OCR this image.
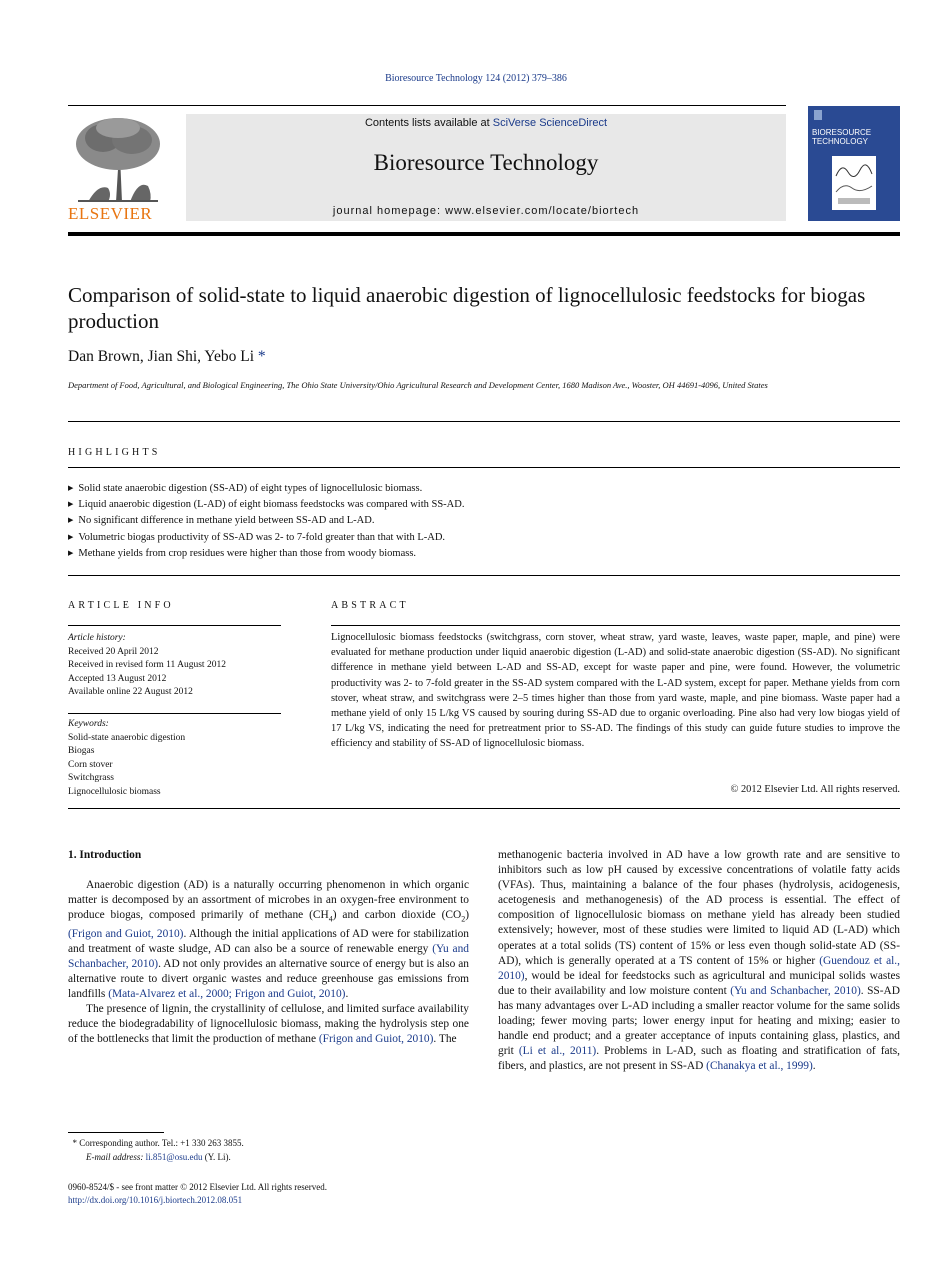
Bioresource Technology 124 (2012) 379–386
ELSEVIER
Contents lists available at SciVerse ScienceDirect
Bioresource Technology
journal homepage: www.elsevier.com/locate/biortech
BIORESOURCE TECHNOLOGY
Comparison of solid-state to liquid anaerobic digestion of lignocellulosic feedstocks for biogas production
Dan Brown, Jian Shi, Yebo Li *
Department of Food, Agricultural, and Biological Engineering, The Ohio State University/Ohio Agricultural Research and Development Center, 1680 Madison Ave., Wooster, OH 44691-4096, United States
HIGHLIGHTS
▶ Solid state anaerobic digestion (SS-AD) of eight types of lignocellulosic biomass.
▶ Liquid anaerobic digestion (L-AD) of eight biomass feedstocks was compared with SS-AD.
▶ No significant difference in methane yield between SS-AD and L-AD.
▶ Volumetric biogas productivity of SS-AD was 2- to 7-fold greater than that with L-AD.
▶ Methane yields from crop residues were higher than those from woody biomass.
ARTICLE INFO	ABSTRACT
Article history:
Received 20 April 2012
Received in revised form 11 August 2012
Accepted 13 August 2012
Available online 22 August 2012
Keywords:
Solid-state anaerobic digestion
Biogas
Corn stover
Switchgrass
Lignocellulosic biomass
Lignocellulosic biomass feedstocks (switchgrass, corn stover, wheat straw, yard waste, leaves, waste paper, maple, and pine) were evaluated for methane production under liquid anaerobic digestion (L-AD) and solid-state anaerobic digestion (SS-AD). No significant difference in methane yield between L-AD and SS-AD, except for waste paper and pine, were found. However, the volumetric productivity was 2- to 7-fold greater in the SS-AD system compared with the L-AD system, except for paper. Methane yields from corn stover, wheat straw, and switchgrass were 2–5 times higher than those from yard waste, maple, and pine biomass. Waste paper had a methane yield of only 15 L/kg VS caused by souring during SS-AD due to organic overloading. Pine also had very low biogas yield of 17 L/kg VS, indicating the need for pretreatment prior to SS-AD. The findings of this study can guide future studies to improve the efficiency and stability of SS-AD of lignocellulosic biomass.
© 2012 Elsevier Ltd. All rights reserved.
1. Introduction
Anaerobic digestion (AD) is a naturally occurring phenomenon in which organic matter is decomposed by an assortment of microbes in an oxygen-free environment to produce biogas, composed primarily of methane $(CH_4)$ and carbon dioxide $(CO_2)$ (Frigon and Guiot, 2010). Although the initial applications of AD were for stabilization and treatment of waste sludge, AD can also be a source of renewable energy (Yu and Schanbacher, 2010). AD not only provides an alternative source of energy but is also an alternative route to divert organic wastes and reduce greenhouse gas emissions from landfills (Mata-Alvarez et al., 2000; Frigon and Guiot, 2010).
The presence of lignin, the crystallinity of cellulose, and limited surface availability reduce the biodegradability of lignocellulosic biomass, making the hydrolysis step one of the bottlenecks that limit the production of methane (Frigon and Guiot, 2010). The
methanogenic bacteria involved in AD have a low growth rate and are sensitive to inhibitors such as low pH caused by excessive concentrations of volatile fatty acids (VFAs). Thus, maintaining a balance of the four phases (hydrolysis, acidogenesis, acetogenesis and methanogenesis) of the AD process is essential. The effect of composition of lignocellulosic biomass on methane yield has already been studied extensively; however, most of these studies were limited to liquid AD (L-AD) which operates at a total solids (TS) content of 15% or less even though solid-state AD (SS-AD), which is generally operated at a TS content of 15% or higher (Guendouz et al., 2010), would be ideal for feedstocks such as agricultural and municipal solids wastes due to their availability and low moisture content (Yu and Schanbacher, 2010). SS-AD has many advantages over L-AD including a smaller reactor volume for the same solids loading; fewer moving parts; lower energy input for heating and mixing; easier to handle end product; and a greater acceptance of inputs containing glass, plastics, and grit (Li et al., 2011). Problems in L-AD, such as floating and stratification of fats, fibers, and plastics, are not present in SS-AD (Chanakya et al., 1999).
* Corresponding author. Tel.: +1 330 263 3855.
E-mail address: li.851@osu.edu (Y. Li).
0960-8524/$ - see front matter © 2012 Elsevier Ltd. All rights reserved.
http://dx.doi.org/10.1016/j.biortech.2012.08.051
